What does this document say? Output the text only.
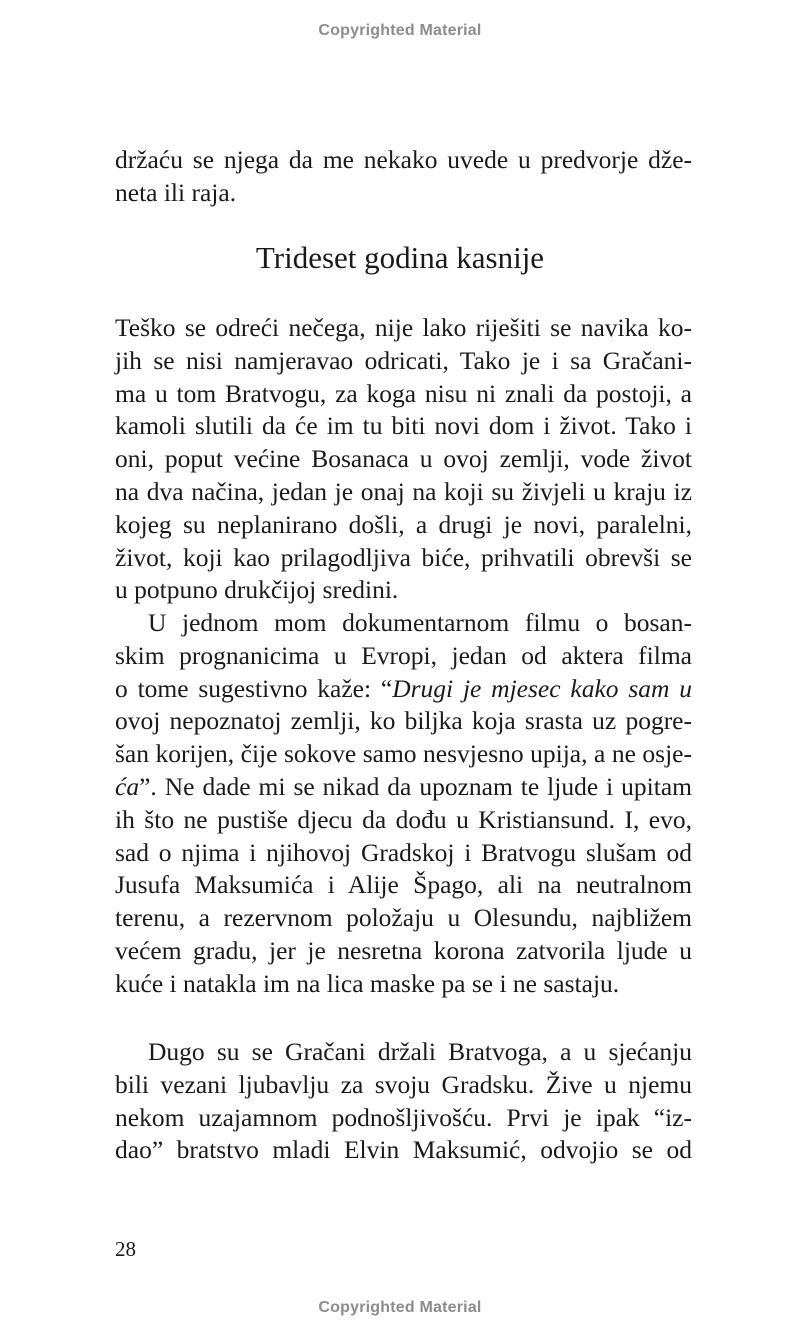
Copyrighted Material
držaću se njega da me nekako uvede u predvorje dže-
neta ili raja.
Trideset godina kasnije
Teško se odreći nečega, nije lako riješiti se navika ko-
jih se nisi namjeravao odricati, Tako je i sa Gračani-
ma u tom Bratvogu, za koga nisu ni znali da postoji, a
kamoli slutili da će im tu biti novi dom i život. Tako i
oni, poput većine Bosanaca u ovoj zemlji, vode život
na dva načina, jedan je onaj na koji su živjeli u kraju iz
kojeg su neplanirano došli, a drugi je novi, paralelni,
život, koji kao prilagodljiva biće, prihvatili obrevši se
u potpuno drukčijoj sredini.
U jednom mom dokumentarnom filmu o bosan-
skim prognanicima u Evropi, jedan od aktera filma
o tome sugestivno kaže: “Drugi je mjesec kako sam u
ovoj nepoznatoj zemlji, ko biljka koja srasta uz pogre-
šan korijen, čije sokove samo nesvjesno upija, a ne osje-
ća”. Ne dade mi se nikad da upoznam te ljude i upitam
ih što ne pustiše djecu da dođu u Kristiansund. I, evo,
sad o njima i njihovoj Gradskoj i Bratvogu slušam od
Jusufa Maksumića i Alije Špago, ali na neutralnom
terenu, a rezervnom položaju u Olesundu, najbližem
većem gradu, jer je nesretna korona zatvorila ljude u
kuće i natakla im na lica maske pa se i ne sastaju.
Dugo su se Gračani držali Bratvoga, a u sjećanju
bili vezani ljubavlju za svoju Gradsku. Žive u njemu
nekom uzajamnom podnošljivošću. Prvi je ipak “iz-
dao” bratstvo mladi Elvin Maksumić, odvojio se od
28
Copyrighted Material
